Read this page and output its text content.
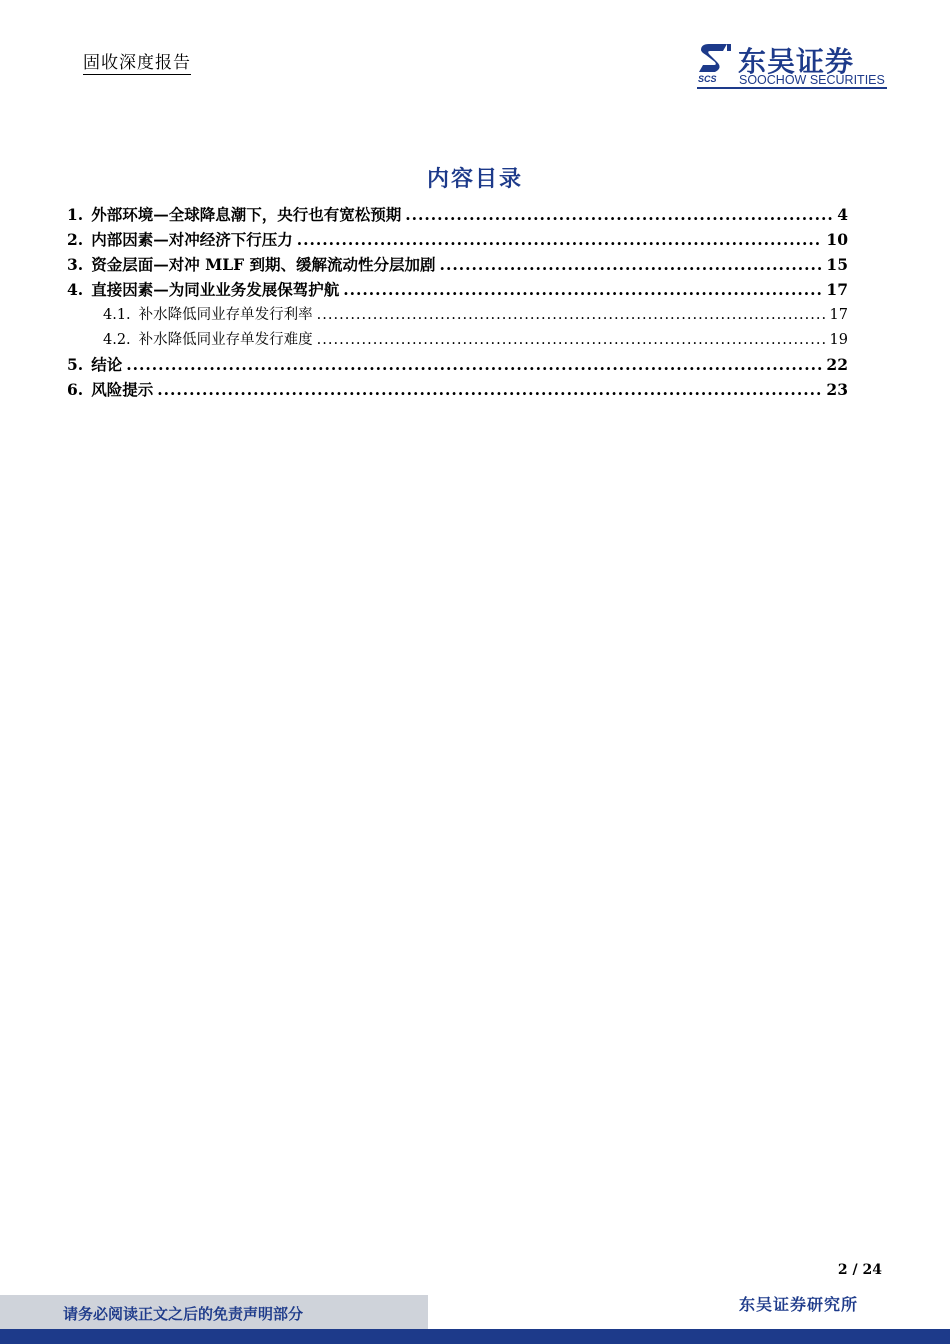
固收深度报告
SCS
东吴证券
SOOCHOW SECURITIES
内容目录
1. 外部环境—全球降息潮下，央行也有宽松预期 .....	4
2. 内部因素—对冲经济下行压力 .....	10
3. 资金层面—对冲 MLF 到期、缓解流动性分层加剧 .....	15
4. 直接因素—为同业业务发展保驾护航 .....	17
4.1. 补水降低同业存单发行利率 .....	17
4.2. 补水降低同业存单发行难度 .....	19
5. 结论 .....	22
6. 风险提示 .....	23
2 / 24
请务必阅读正文之后的免责声明部分	东吴证券研究所
